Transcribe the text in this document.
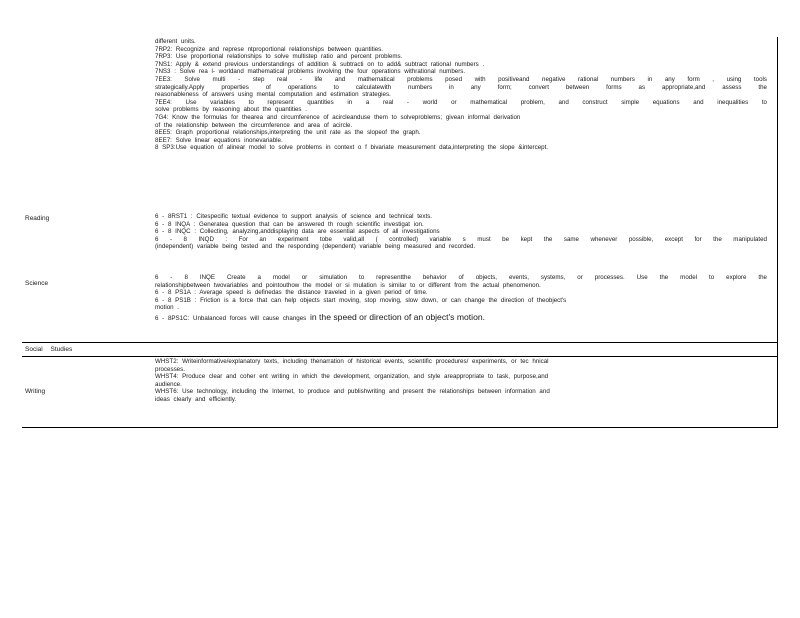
Reading
Science
Social Studies
Writing
different units.
7RP2: Recognize and represe ntproportional relationships between quantities.
7RP3: Use proportional relationships to solve multistep ratio and percent problems.
7NS1: Apply & extend previous understandings of addition & subtracti on to add& subtract rational numbers .
7NS3 : Solve rea l- worldand mathematical problems involving the four operations withrational numbers.
7EE3: Solve multi - step real - life and mathematical problems posed with positiveand negative rational numbers in any form , using tools
strategically.Apply properties of operations to calculatewith numbers in any form; convert between forms as appropriate,and assess the
reasonableness of answers using mental computation and estimation strategies.
7EE4: Use variables to represent quantities in a real - world or mathematical problem, and construct simple equations and inequalities to
solve problems by reasoning about the quantities .
7G4: Know the formulas for thearea and circumference of acircleanduse them to solveproblems; givean informal derivation
of the relationship between the circumference and area of acircle.
8EE5: Graph proportional relationships,interpreting the unit rate as the slopeof the graph.
8EE7: Solve linear equations inonevariable.
8 SP3:Use equation of alinear model to solve problems in context o f bivariate measurement data,interpreting the slope &intercept.
6 - 8RST1 : Citespecific textual evidence to support analysis of science and technical texts.
6 - 8 INQA : Generatea question that can be answered th rough scientific investigat ion.
6 - 8 INQC : Collecting, analyzing,anddisplaying data are essential aspects of all investigations
6 - 8 INQD : For an experiment tobe valid,all ( controlled) variable s must be kept the same whenever possible, except for the manipulated
(independent) variable being tested and the responding (dependent) variable being measured and recorded.
6 - 8 INQE Create a model or simulation to representthe behavior of objects, events, systems, or processes. Use the model to explore the
relationshipbetween twovariables and pointouthow the model or si mulation is similar to or different from the actual phenomenon.
6 - 8 PS1A : Average speed is definedas the distance traveled in a given period of time.
6 - 8 PS1B : Friction is a force that can help objects start moving, stop moving, slow down, or can change the direction of theobject's
motion .
6 - 8PS1C: Unbalanced forces will cause changes in the speed or direction of an object's motion.
WHST2: Writeinformative/explanatory texts, including thenarration of historical events, scientific procedures/ experiments, or tec hnical
processes.
WHST4: Produce clear and coher ent writing in which the development, organization, and style areappropriate to task, purpose,and
audience.
WHST6: Use technology, including the Internet, to produce and publishwriting and present the relationships between information and
ideas clearly and efficiently.
